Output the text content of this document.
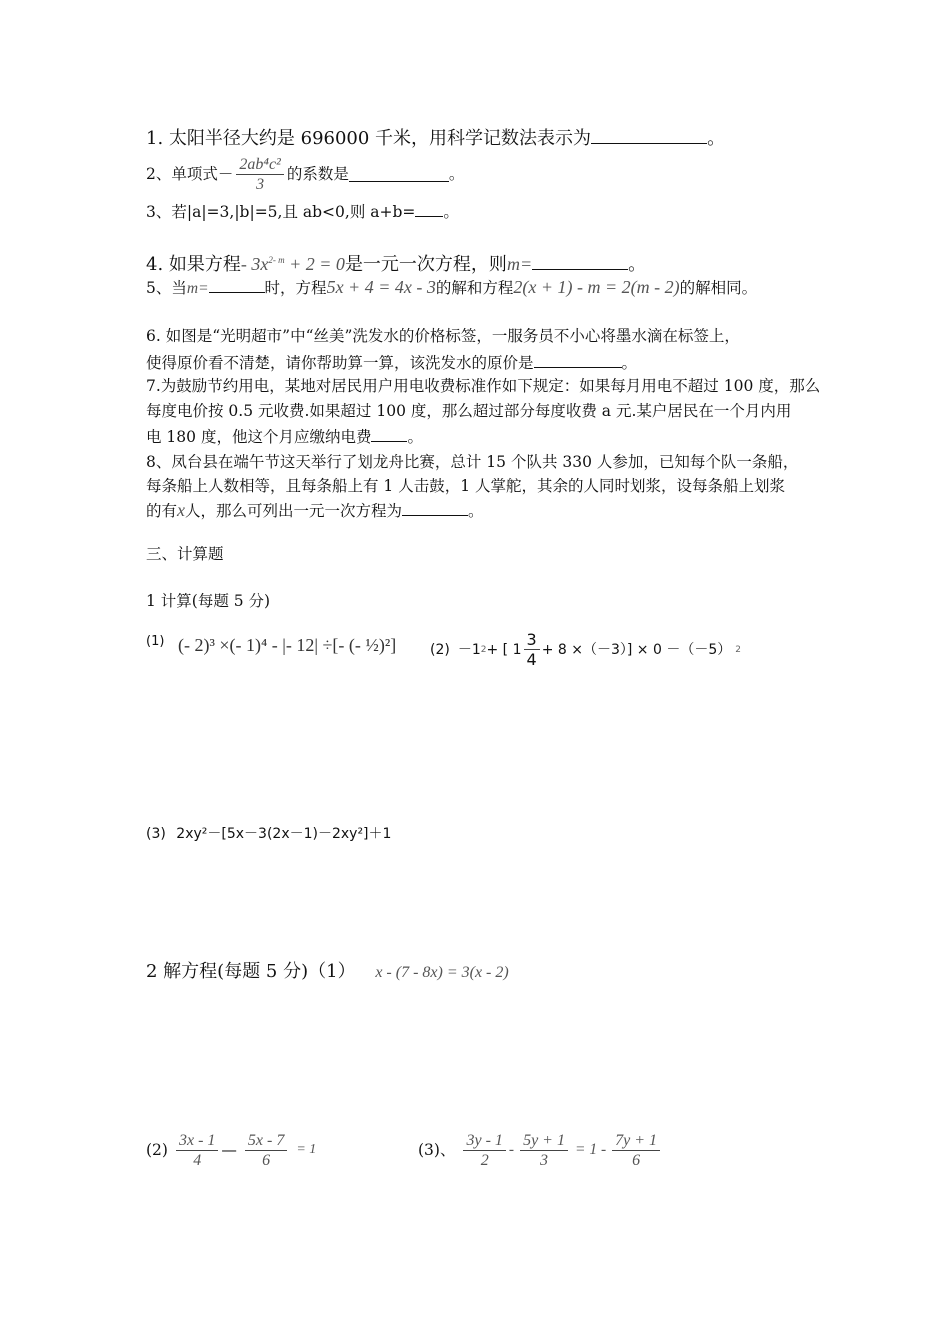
1. 太阳半径大约是 696000 千米，用科学记数法表示为	。
2、单项式－ $\frac{\text{2ab⁴c²}}{3}$ 的系数是	。
3、若|a|=3,|b|=5,且 ab<0,则 a+b= 。
4. 如果方程- $3x^{2- m} + 2 = 0$是一元一次方程，则m=	。
5、当m=	时，方程5x + 4 = 4x - 3的解和方程2(x + 1) - m = 2(m - 2)的解相同。
6. 如图是“光明超市”中“丝美”洗发水的价格标签，一服务员不小心将墨水滴在标签上，
使得原价看不清楚，请你帮助算一算，该洗发水的原价是	。
7.为鼓励节约用电，某地对居民用户用电收费标准作如下规定：如果每月用电不超过 100 度，那么
每度电价按 0.5 元收费.如果超过 100 度，那么超过部分每度收费 a 元.某户居民在一个月内用
电 180 度，他这个月应缴纳电费 。
8、凤台县在端午节这天举行了划龙舟比赛，总计 15 个队共 330 人参加，已知每个队一条船，
每条船上人数相等，且每条船上有 1 人击鼓，1 人掌舵，其余的人同时划浆，设每条船上划浆
的有x人，那么可列出一元一次方程为	。
三、计算题
1 计算(每题 5 分)
(1) (- 2)³ ×(- 1)⁴ - |- 12| ÷[- (- ½)²] (2) －1 2 + [ $1 \frac{3}{4} + 8 \times(-3)] \times 0 -(-5)$ 2
(3) 2xy²－[5x－3(2x－1)－2xy²]＋1
2 解方程(每题 5 分)（1） x - (7 - 8x) = 3(x - 2)
$(2) \frac{3x - 1}{4}$ — $\frac{5x - 7}{6} = 1$	(3)、 $\frac{3y - 1}{2} - \frac{5y + 1}{3} = 1 - \frac{7y + 1}{6}$
